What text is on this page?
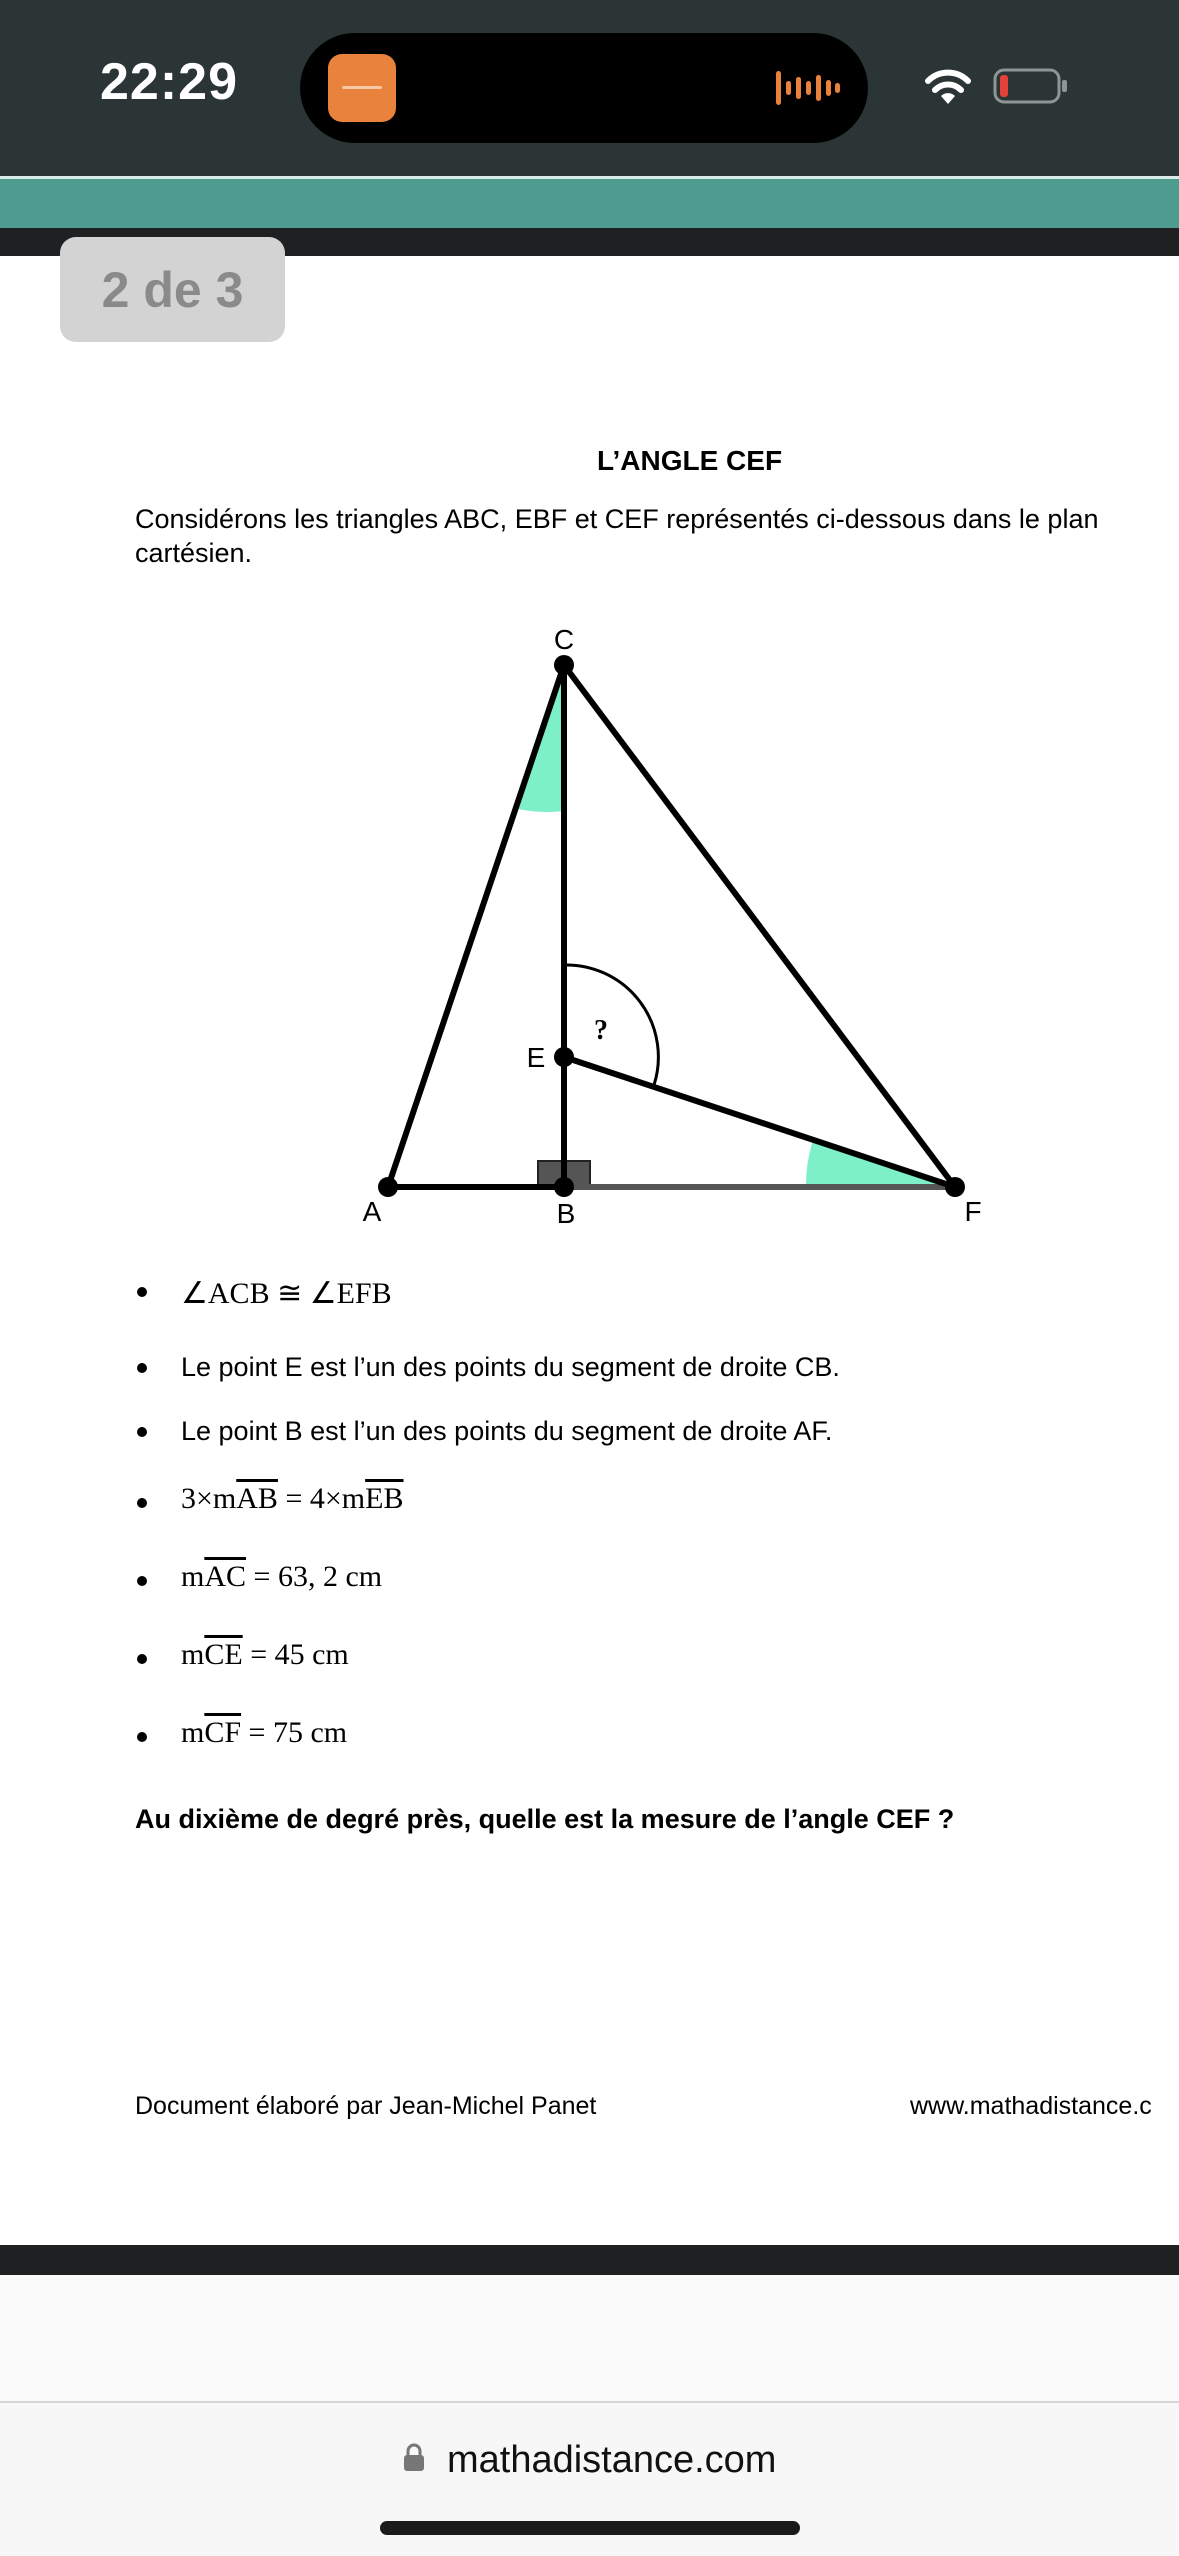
22:29
2 de 3
L’ANGLE CEF
Considérons les triangles ABC, EBF et CEF représentés ci-dessous dans le plan cartésien.
C
E
A	B	F
?
∠ACB ≅ ∠EFB
Le point E est l’un des points du segment de droite CB.
Le point B est l’un des points du segment de droite AF.
$3\times m\overline{AB} = 4\times m\overline{EB}$
$m\overline{AC} = 63$, 2 cm
$m\overline{CE} = 45$ cm
$m\overline{CF} = 75$ cm
Au dixième de degré près, quelle est la mesure de l’angle CEF ?
Document élaboré par Jean-Michel Panet	www.mathadistance.c
mathadistance.com
